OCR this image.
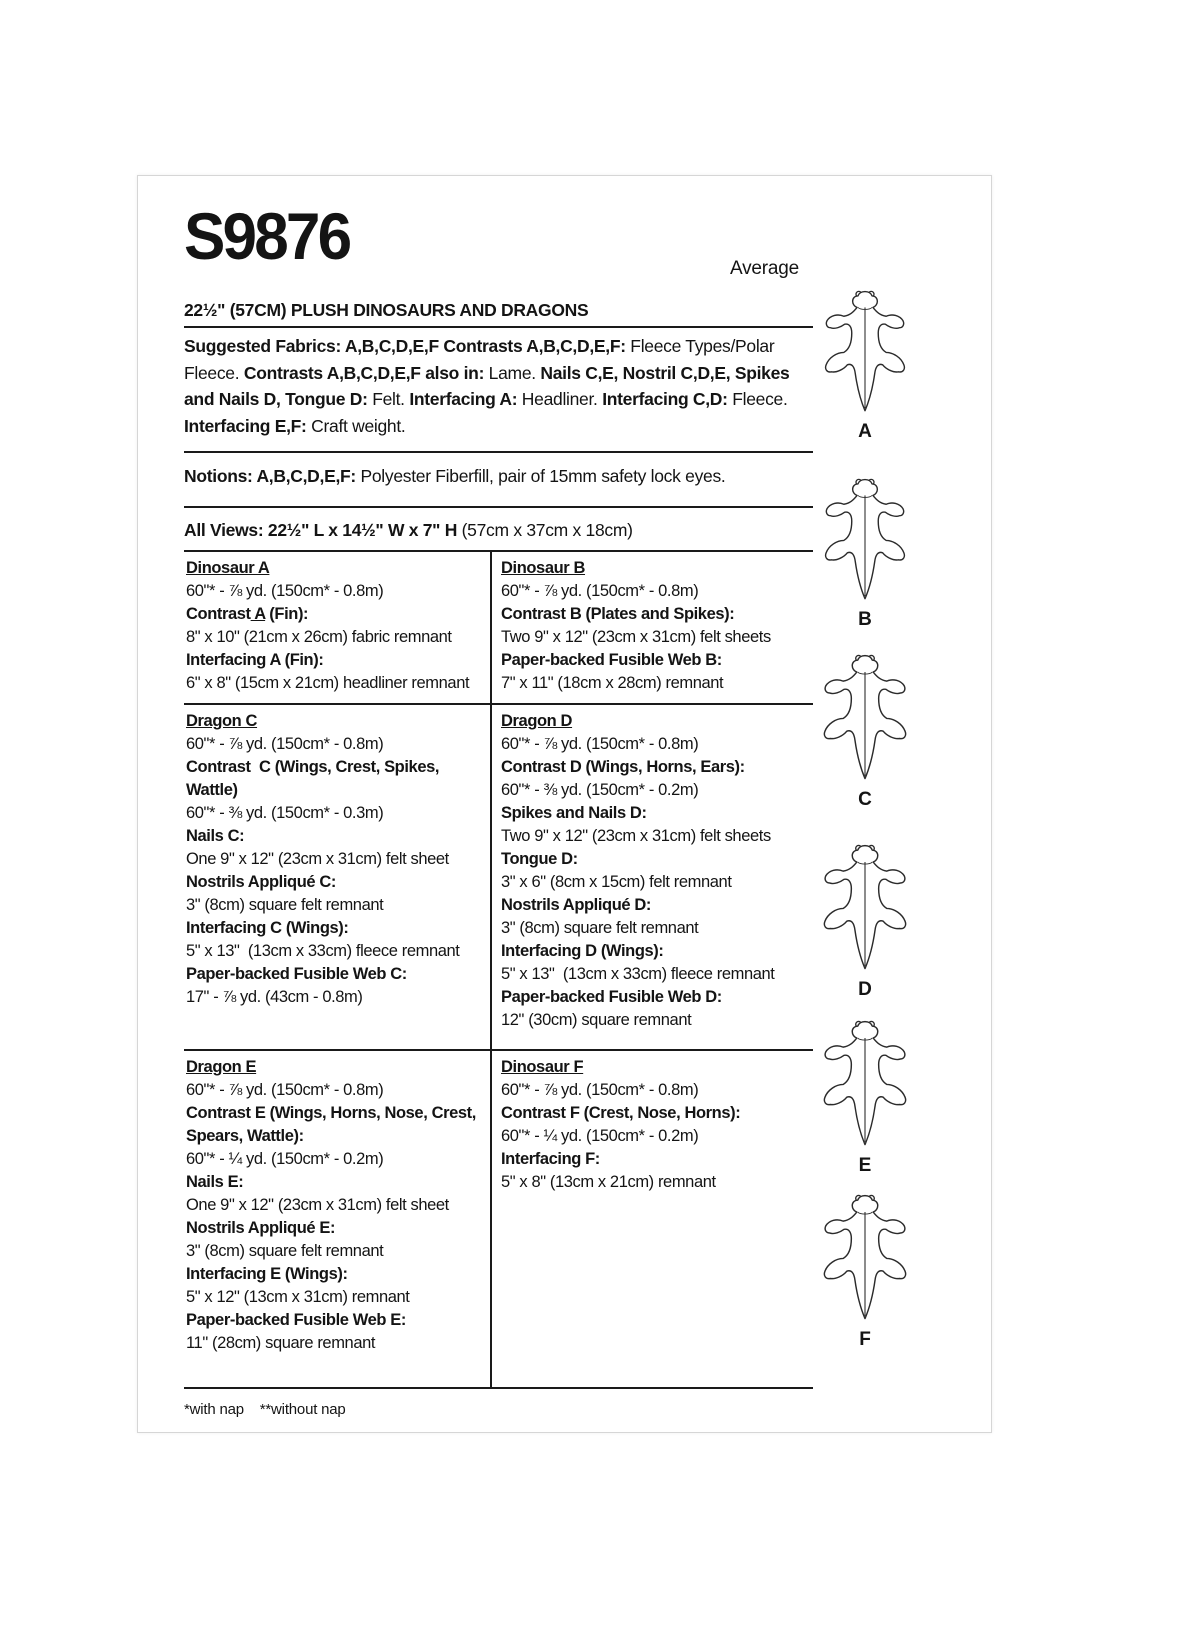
S9876	Average
22½" (57CM) PLUSH DINOSAURS AND DRAGONS

Suggested Fabrics: A,B,C,D,E,F Contrasts A,B,C,D,E,F: Fleece Types/Polar Fleece. Contrasts A,B,C,D,E,F also in: Lame. Nails C,E, Nostril C,D,E, Spikes and Nails D, Tongue D: Felt. Interfacing A: Headliner. Interfacing C,D: Fleece. Interfacing E,F: Craft weight.

Notions: A,B,C,D,E,F: Polyester Fiberfill, pair of 15mm safety lock eyes.

All Views: 22½" L x 14½" W x 7" H (57cm x 37cm x 18cm)

Dinosaur A
60"* - ⅞ yd. (150cm* - 0.8m)
Contrast A (Fin):
8" x 10" (21cm x 26cm) fabric remnant
Interfacing A (Fin):
6" x 8" (15cm x 21cm) headliner remnant
Dinosaur B
60"* - ⅞ yd. (150cm* - 0.8m)
Contrast B (Plates and Spikes):
Two 9" x 12" (23cm x 31cm) felt sheets
Paper-backed Fusible Web B:
7" x 11" (18cm x 28cm) remnant
Dragon C
60"* - ⅞ yd. (150cm* - 0.8m)
Contrast  C (Wings, Crest, Spikes, Wattle)
60"* - ⅜ yd. (150cm* - 0.3m)
Nails C:
One 9" x 12" (23cm x 31cm) felt sheet
Nostrils Appliqué C:
3" (8cm) square felt remnant
Interfacing C (Wings):
5" x 13"  (13cm x 33cm) fleece remnant
Paper-backed Fusible Web C:
17" - ⅞ yd. (43cm - 0.8m)
Dragon D
60"* - ⅞ yd. (150cm* - 0.8m)
Contrast D (Wings, Horns, Ears):
60"* - ⅜ yd. (150cm* - 0.2m)
Spikes and Nails D:
Two 9" x 12" (23cm x 31cm) felt sheets
Tongue D:
3" x 6" (8cm x 15cm) felt remnant
Nostrils Appliqué D:
3" (8cm) square felt remnant
Interfacing D (Wings):
5" x 13"  (13cm x 33cm) fleece remnant
Paper-backed Fusible Web D:
12" (30cm) square remnant
Dragon E
60"* - ⅞ yd. (150cm* - 0.8m)
Contrast E (Wings, Horns, Nose, Crest, Spears, Wattle):
60"* - ¼ yd. (150cm* - 0.2m)
Nails E:
One 9" x 12" (23cm x 31cm) felt sheet
Nostrils Appliqué E:
3" (8cm) square felt remnant
Interfacing E (Wings):
5" x 12" (13cm x 31cm) remnant
Paper-backed Fusible Web E:
11" (28cm) square remnant
Dinosaur F
60"* - ⅞ yd. (150cm* - 0.8m)
Contrast F (Crest, Nose, Horns):
60"* - ¼ yd. (150cm* - 0.2m)
Interfacing F:
5" x 8" (13cm x 21cm) remnant

*with nap    **without nap

A
B
C
D
E
F
